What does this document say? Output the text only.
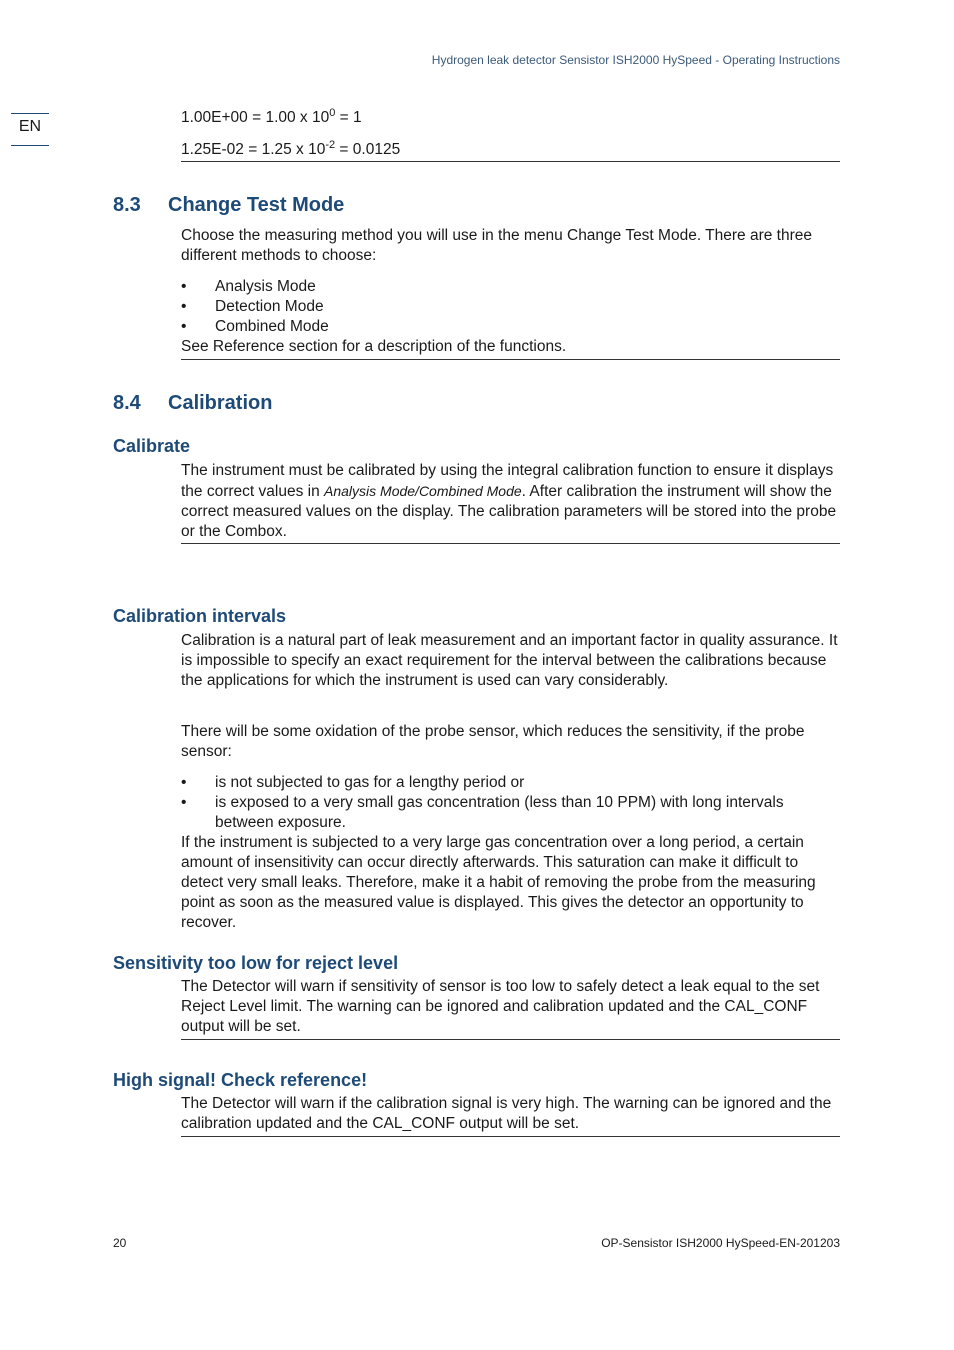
Hydrogen leak detector Sensistor ISH2000 HySpeed - Operating Instructions
EN
1.00E+00 = 1.00 x $10^0 = 1$
1.25E-02 = 1.25 x $10^{-2} = 0.0125$
8.3 Change Test Mode
Choose the measuring method you will use in the menu Change Test Mode. There are three different methods to choose:
• Analysis Mode
• Detection Mode
• Combined Mode
See Reference section for a description of the functions.
8.4 Calibration
Calibrate
The instrument must be calibrated by using the integral calibration function to ensure it displays the correct values in Analysis Mode/Combined Mode. After calibration the instrument will show the correct measured values on the display. The calibration parameters will be stored into the probe or the Combox.
Calibration intervals
Calibration is a natural part of leak measurement and an important factor in quality assurance. It is impossible to specify an exact requirement for the interval between the calibrations because the applications for which the instrument is used can vary considerably.
There will be some oxidation of the probe sensor, which reduces the sensitivity, if the probe sensor:
• is not subjected to gas for a lengthy period or
• is exposed to a very small gas concentration (less than 10 PPM) with long intervals between exposure.
If the instrument is subjected to a very large gas concentration over a long period, a certain amount of insensitivity can occur directly afterwards. This saturation can make it difficult to detect very small leaks. Therefore, make it a habit of removing the probe from the measuring point as soon as the measured value is displayed. This gives the detector an opportunity to recover.
Sensitivity too low for reject level
The Detector will warn if sensitivity of sensor is too low to safely detect a leak equal to the set Reject Level limit. The warning can be ignored and calibration updated and the CAL_CONF output will be set.
High signal! Check reference!
The Detector will warn if the calibration signal is very high. The warning can be ignored and the calibration updated and the CAL_CONF output will be set.
20	OP-Sensistor ISH2000 HySpeed-EN-201203
